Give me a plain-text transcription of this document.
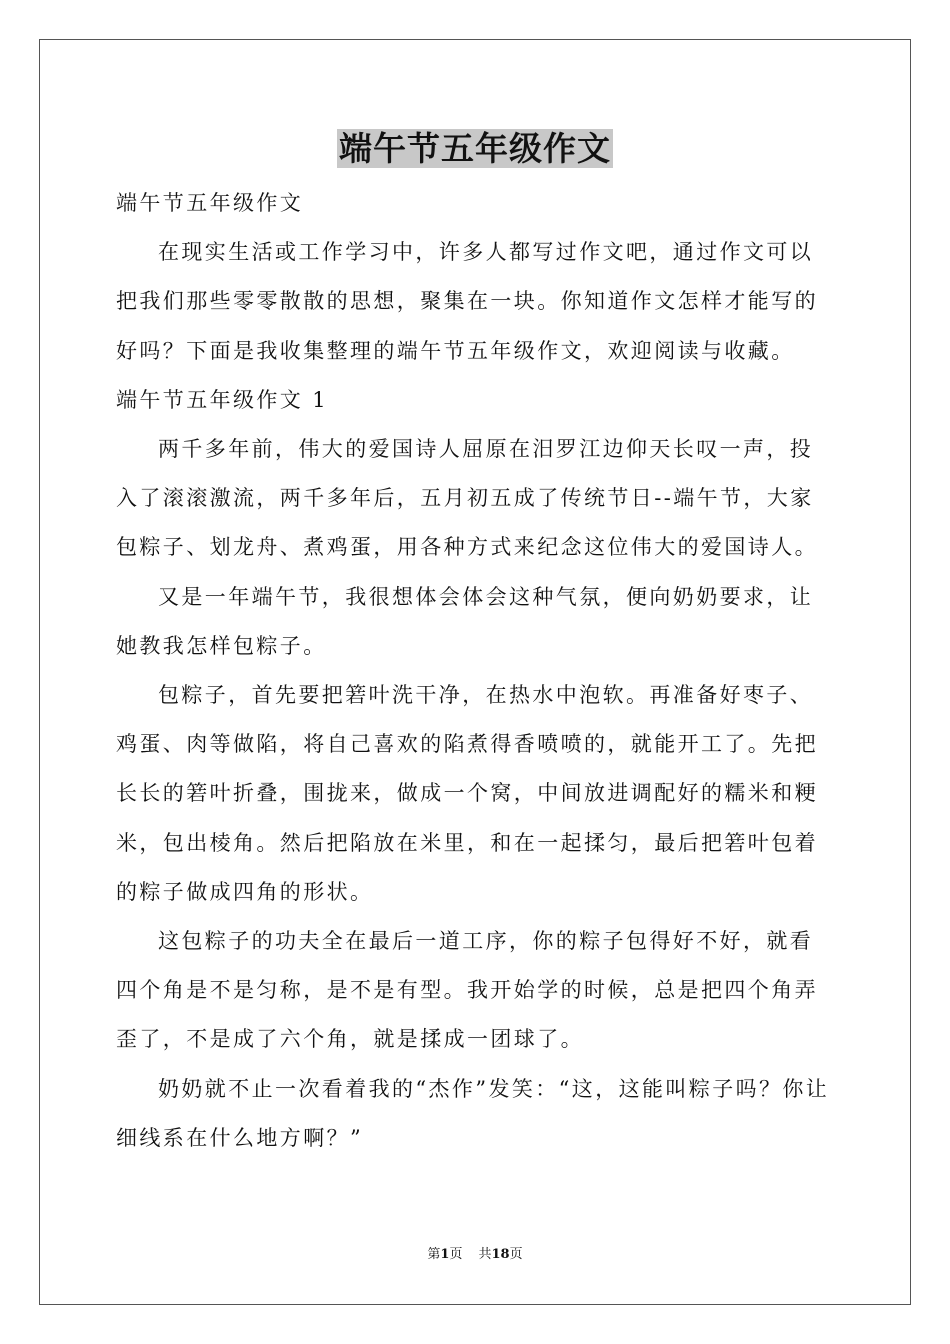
端午节五年级作文

端午节五年级作文

在现实生活或工作学习中，许多人都写过作文吧，通过作文可以把我们那些零零散散的思想，聚集在一块。你知道作文怎样才能写的好吗？下面是我收集整理的端午节五年级作文，欢迎阅读与收藏。

端午节五年级作文 1

两千多年前，伟大的爱国诗人屈原在汨罗江边仰天长叹一声，投入了滚滚激流，两千多年后，五月初五成了传统节日--端午节，大家包粽子、划龙舟、煮鸡蛋，用各种方式来纪念这位伟大的爱国诗人。

又是一年端午节，我很想体会体会这种气氛，便向奶奶要求，让她教我怎样包粽子。

包粽子，首先要把箬叶洗干净，在热水中泡软。再准备好枣子、鸡蛋、肉等做陷，将自己喜欢的陷煮得香喷喷的，就能开工了。先把长长的箬叶折叠，围拢来，做成一个窝，中间放进调配好的糯米和粳米，包出棱角。然后把陷放在米里，和在一起揉匀，最后把箬叶包着的粽子做成四角的形状。

这包粽子的功夫全在最后一道工序，你的粽子包得好不好，就看四个角是不是匀称，是不是有型。我开始学的时候，总是把四个角弄歪了，不是成了六个角，就是揉成一团球了。

奶奶就不止一次看着我的“杰作”发笑：“这，这能叫粽子吗？你让细线系在什么地方啊？”

第1页 共18页
